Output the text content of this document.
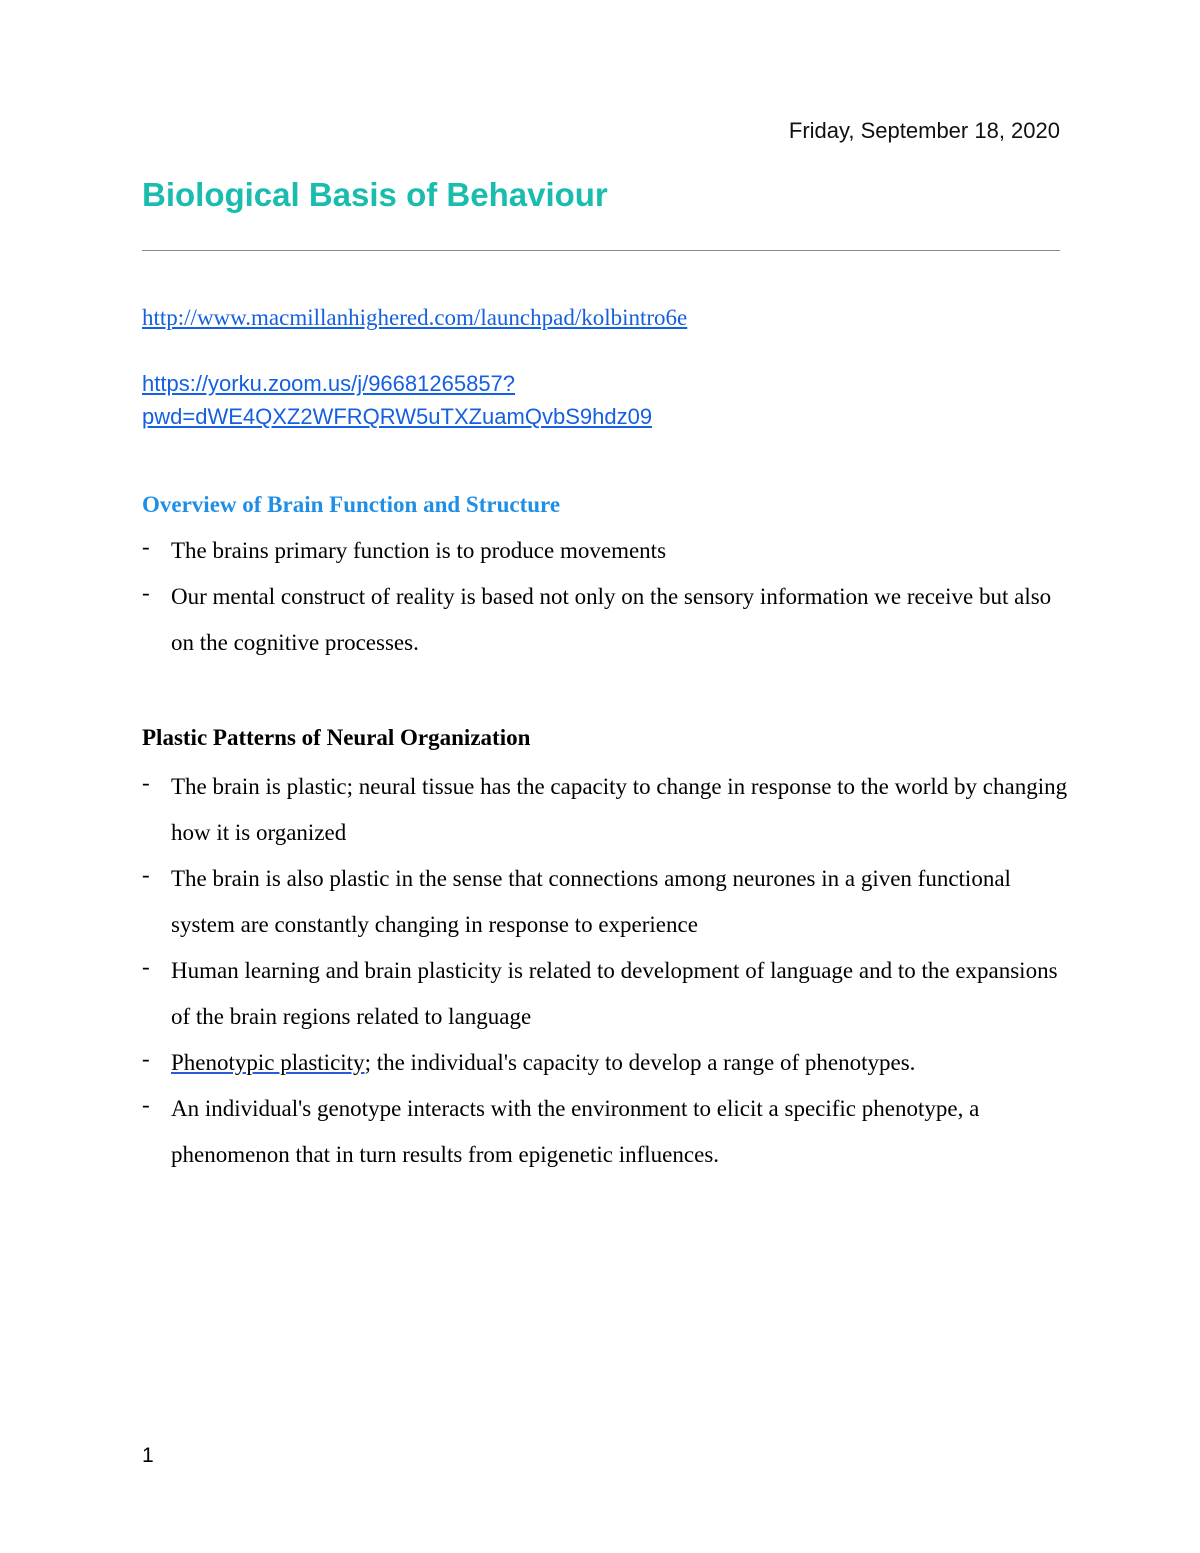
Friday, September 18, 2020
Biological Basis of Behaviour
http://www.macmillanhighered.com/launchpad/kolbintro6e
https://yorku.zoom.us/j/96681265857?
pwd=dWE4QXZ2WFRQRW5uTXZuamQvbS9hdz09
Overview of Brain Function and Structure
- The brains primary function is to produce movements
- Our mental construct of reality is based not only on the sensory information we receive but also on the cognitive processes.
Plastic Patterns of Neural Organization
- The brain is plastic; neural tissue has the capacity to change in response to the world by changing how it is organized
- The brain is also plastic in the sense that connections among neurones in a given functional system are constantly changing in response to experience
- Human learning and brain plasticity is related to development of language and to the expansions of the brain regions related to language
- Phenotypic plasticity; the individual's capacity to develop a range of phenotypes.
- An individual's genotype interacts with the environment to elicit a specific phenotype, a phenomenon that in turn results from epigenetic influences.
1
